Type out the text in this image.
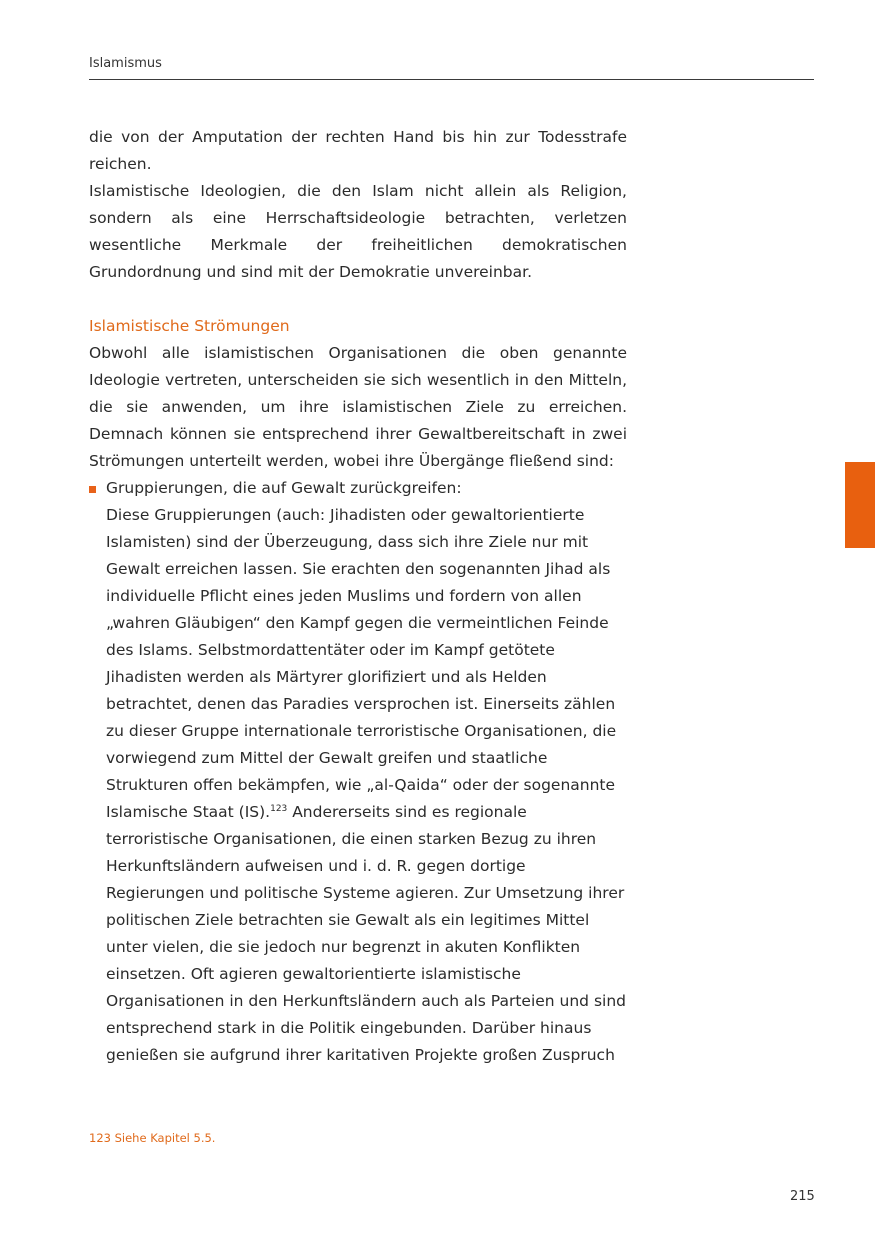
Islamismus

die von der Amputation der rechten Hand bis hin zur Todesstrafe reichen.

Islamistische Ideologien, die den Islam nicht allein als Religion, sondern als eine Herrschaftsideologie betrachten, verletzen wesentliche Merkmale der freiheitlichen demokratischen Grundordnung und sind mit der Demokratie unvereinbar.

Islamistische Strömungen

Obwohl alle islamistischen Organisationen die oben genannte Ideologie vertreten, unterscheiden sie sich wesentlich in den Mitteln, die sie anwenden, um ihre islamistischen Ziele zu erreichen. Demnach können sie entsprechend ihrer Gewaltbereitschaft in zwei Strömungen unterteilt werden, wobei ihre Übergänge fließend sind:

Gruppierungen, die auf Gewalt zurückgreifen:
Diese Gruppierungen (auch: Jihadisten oder gewaltorientierte Islamisten) sind der Überzeugung, dass sich ihre Ziele nur mit Gewalt erreichen lassen. Sie erachten den sogenannten Jihad als individuelle Pflicht eines jeden Muslims und fordern von allen „wahren Gläubigen“ den Kampf gegen die vermeintlichen Feinde des Islams. Selbstmordattentäter oder im Kampf getötete Jihadisten werden als Märtyrer glorifiziert und als Helden betrachtet, denen das Paradies versprochen ist. Einerseits zählen zu dieser Gruppe internationale terroristische Organisationen, die vorwiegend zum Mittel der Gewalt greifen und staatliche Strukturen offen bekämpfen, wie „al-Qaida“ oder der sogenannte Islamische Staat (IS).$^{123}$ Andererseits sind es regionale terroristische Organisationen, die einen starken Bezug zu ihren Herkunftsländern aufweisen und i. d. R. gegen dortige Regierungen und politische Systeme agieren. Zur Umsetzung ihrer politischen Ziele betrachten sie Gewalt als ein legitimes Mittel unter vielen, die sie jedoch nur begrenzt in akuten Konflikten einsetzen. Oft agieren gewaltorientierte islamistische Organisationen in den Herkunftsländern auch als Parteien und sind entsprechend stark in die Politik eingebunden. Darüber hinaus genießen sie aufgrund ihrer karitativen Projekte großen Zuspruch
123 Siehe Kapitel 5.5.
215
